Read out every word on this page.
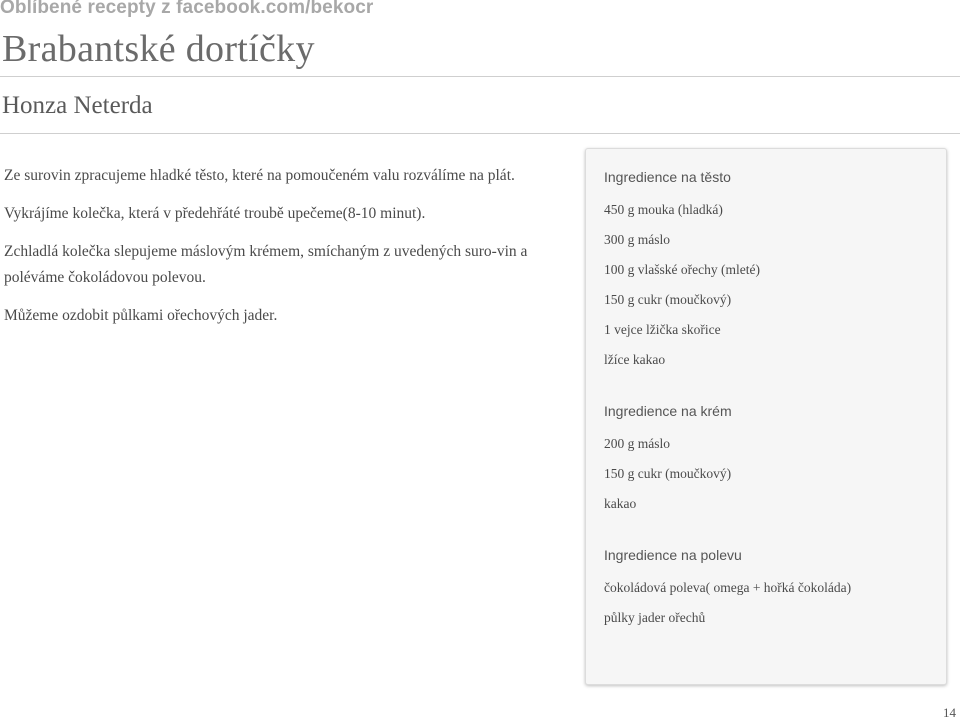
Oblíbené recepty z facebook.com/bekocr
Brabantské dortíčky
Honza Neterda

Ze surovin zpracujeme hladké těsto, které na pomoučeném valu rozválíme na plát.

Vykrájíme kolečka, která v předehřáté troubě upečeme(8-10 minut).

Zchladlá kolečka slepujeme máslovým krémem, smíchaným z uvedených suro-vin a poléváme čokoládovou polevou.

Můžeme ozdobit půlkami ořechových jader.

Ingredience na těsto
450 g mouka (hladká)
300 g máslo
100 g vlašské ořechy (mleté)
150 g cukr (moučkový)
1 vejce lžička skořice
lžíce kakao
Ingredience na krém
200 g máslo
150 g cukr (moučkový)
kakao
Ingredience na polevu
čokoládová poleva( omega + hořká čokoláda)
půlky jader ořechů
14
